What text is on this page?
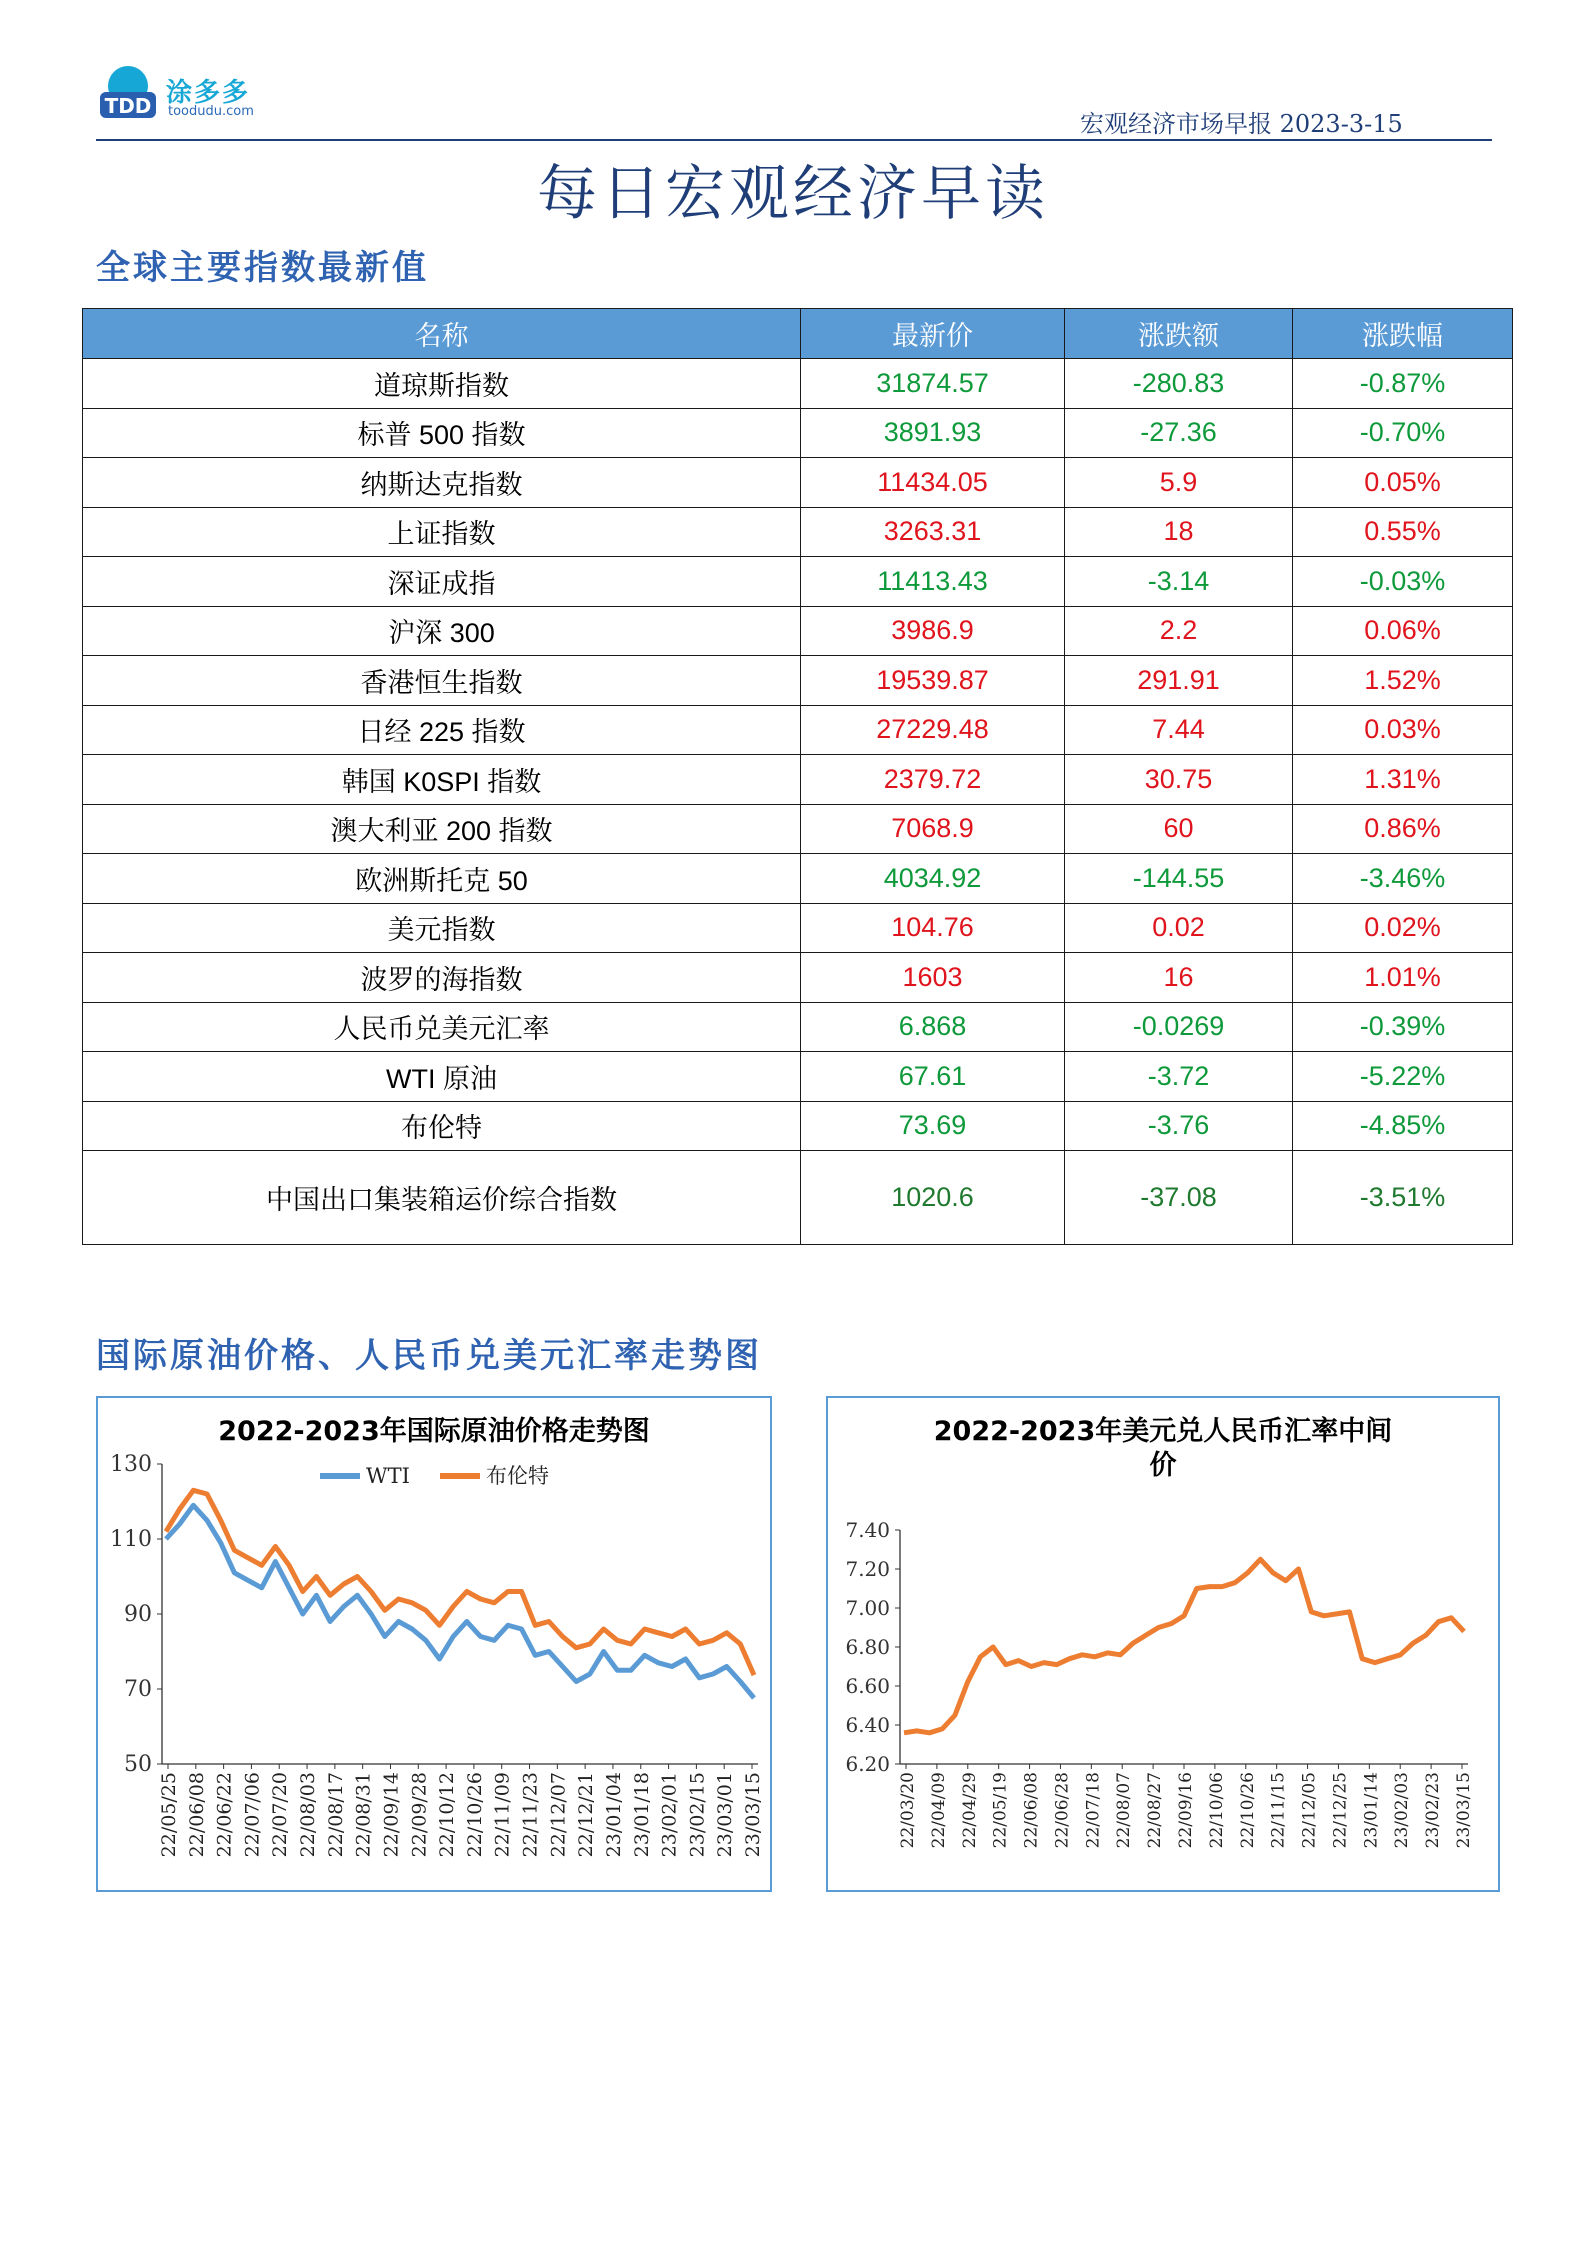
TDD 涂多多
toodudu.com	宏观经济市场早报 2023-3-15
每日宏观经济早读
全球主要指数最新值
名称	最新价	涨跌额	涨跌幅
道琼斯指数	31874.57	-280.83	-0.87%
标普 500 指数	3891.93	-27.36	-0.70%
纳斯达克指数	11434.05	5.9	0.05%
上证指数	3263.31	18	0.55%
深证成指	11413.43	-3.14	-0.03%
沪深 300	3986.9	2.2	0.06%
香港恒生指数	19539.87	291.91	1.52%
日经 225 指数	27229.48	7.44	0.03%
韩国 K0SPI 指数	2379.72	30.75	1.31%
澳大利亚 200 指数	7068.9	60	0.86%
欧洲斯托克 50	4034.92	-144.55	-3.46%
美元指数	104.76	0.02	0.02%
波罗的海指数	1603	16	1.01%
人民币兑美元汇率	6.868	-0.0269	-0.39%
WTI 原油	67.61	-3.72	-5.22%
布伦特	73.69	-3.76	-4.85%
中国出口集装箱运价综合指数	1020.6	-37.08	-3.51%
国际原油价格、人民币兑美元汇率走势图
2022-2023年国际原油价格走势图
50
70
90
110
130
22/05/25 22/06/08 22/06/22 22/07/06 22/07/20 22/08/03 22/08/17 22/08/31 22/09/14 22/09/28 22/10/12 22/10/26 22/11/09 22/11/23 22/12/07 22/12/21 23/01/04 23/01/18 23/02/01 23/02/15 23/03/01 23/03/15
WTI	布伦特
2022-2023年美元兑人民币汇率中间
价
6.20
6.40
6.60
6.80
7.00
7.20
7.40
22/03/20 22/04/09 22/04/29 22/05/19 22/06/08 22/06/28 22/07/18 22/08/07 22/08/27 22/09/16 22/10/06 22/10/26 22/11/15 22/12/05 22/12/25 23/01/14 23/02/03 23/02/23 23/03/15
